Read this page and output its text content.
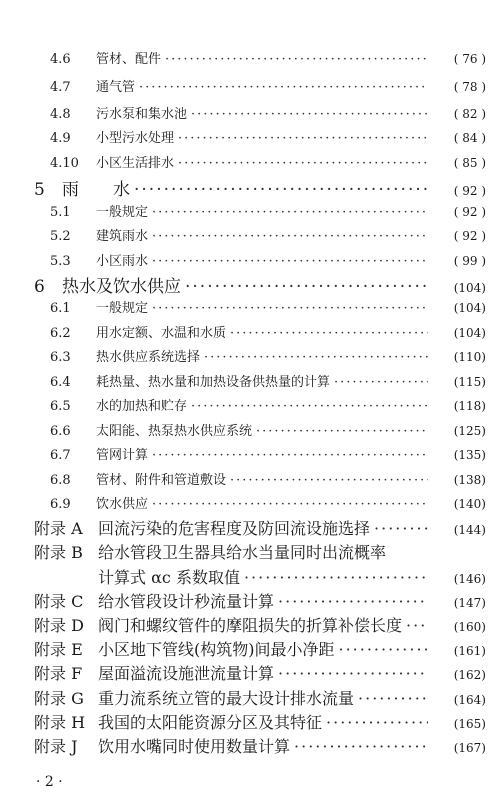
4.6	管材、配件 ·····	( 76 )
4.7	通气管 ·····	( 78 )
4.8	污水泵和集水池 ·····	( 82 )
4.9	小型污水处理 ·····	( 84 )
4.10	小区生活排水 ·····	( 85 )
5	雨　　水 ·····	( 92 )
5.1	一般规定 ·····	( 92 )
5.2	建筑雨水 ·····	( 92 )
5.3	小区雨水 ·····	( 99 )
6	热水及饮水供应 ·····	(104)
6.1	一般规定 ·····	(104)
6.2	用水定额、水温和水质 ·····	(104)
6.3	热水供应系统选择 ·····	(110)
6.4	耗热量、热水量和加热设备供热量的计算 ·····	(115)
6.5	水的加热和贮存 ·····	(118)
6.6	太阳能、热泵热水供应系统 ·····	(125)
6.7	管网计算 ·····	(135)
6.8	管材、附件和管道敷设 ·····	(138)
6.9	饮水供应 ·····	(140)
附录 A 回流污染的危害程度及防回流设施选择 ·····	(144)
附录 B 给水管段卫生器具给水当量同时出流概率
计算式 αc 系数取值 ·····	(146)
附录 C 给水管段设计秒流量计算 ·····	(147)
附录 D 阀门和螺纹管件的摩阻损失的折算补偿长度 ·····	(160)
附录 E 小区地下管线(构筑物)间最小净距 ·····	(161)
附录 F 屋面溢流设施泄流量计算 ·····	(162)
附录 G 重力流系统立管的最大设计排水流量 ·····	(164)
附录 H 我国的太阳能资源分区及其特征 ·····	(165)
附录 J	饮用水嘴同时使用数量计算 ·····	(167)
· 2 ·
